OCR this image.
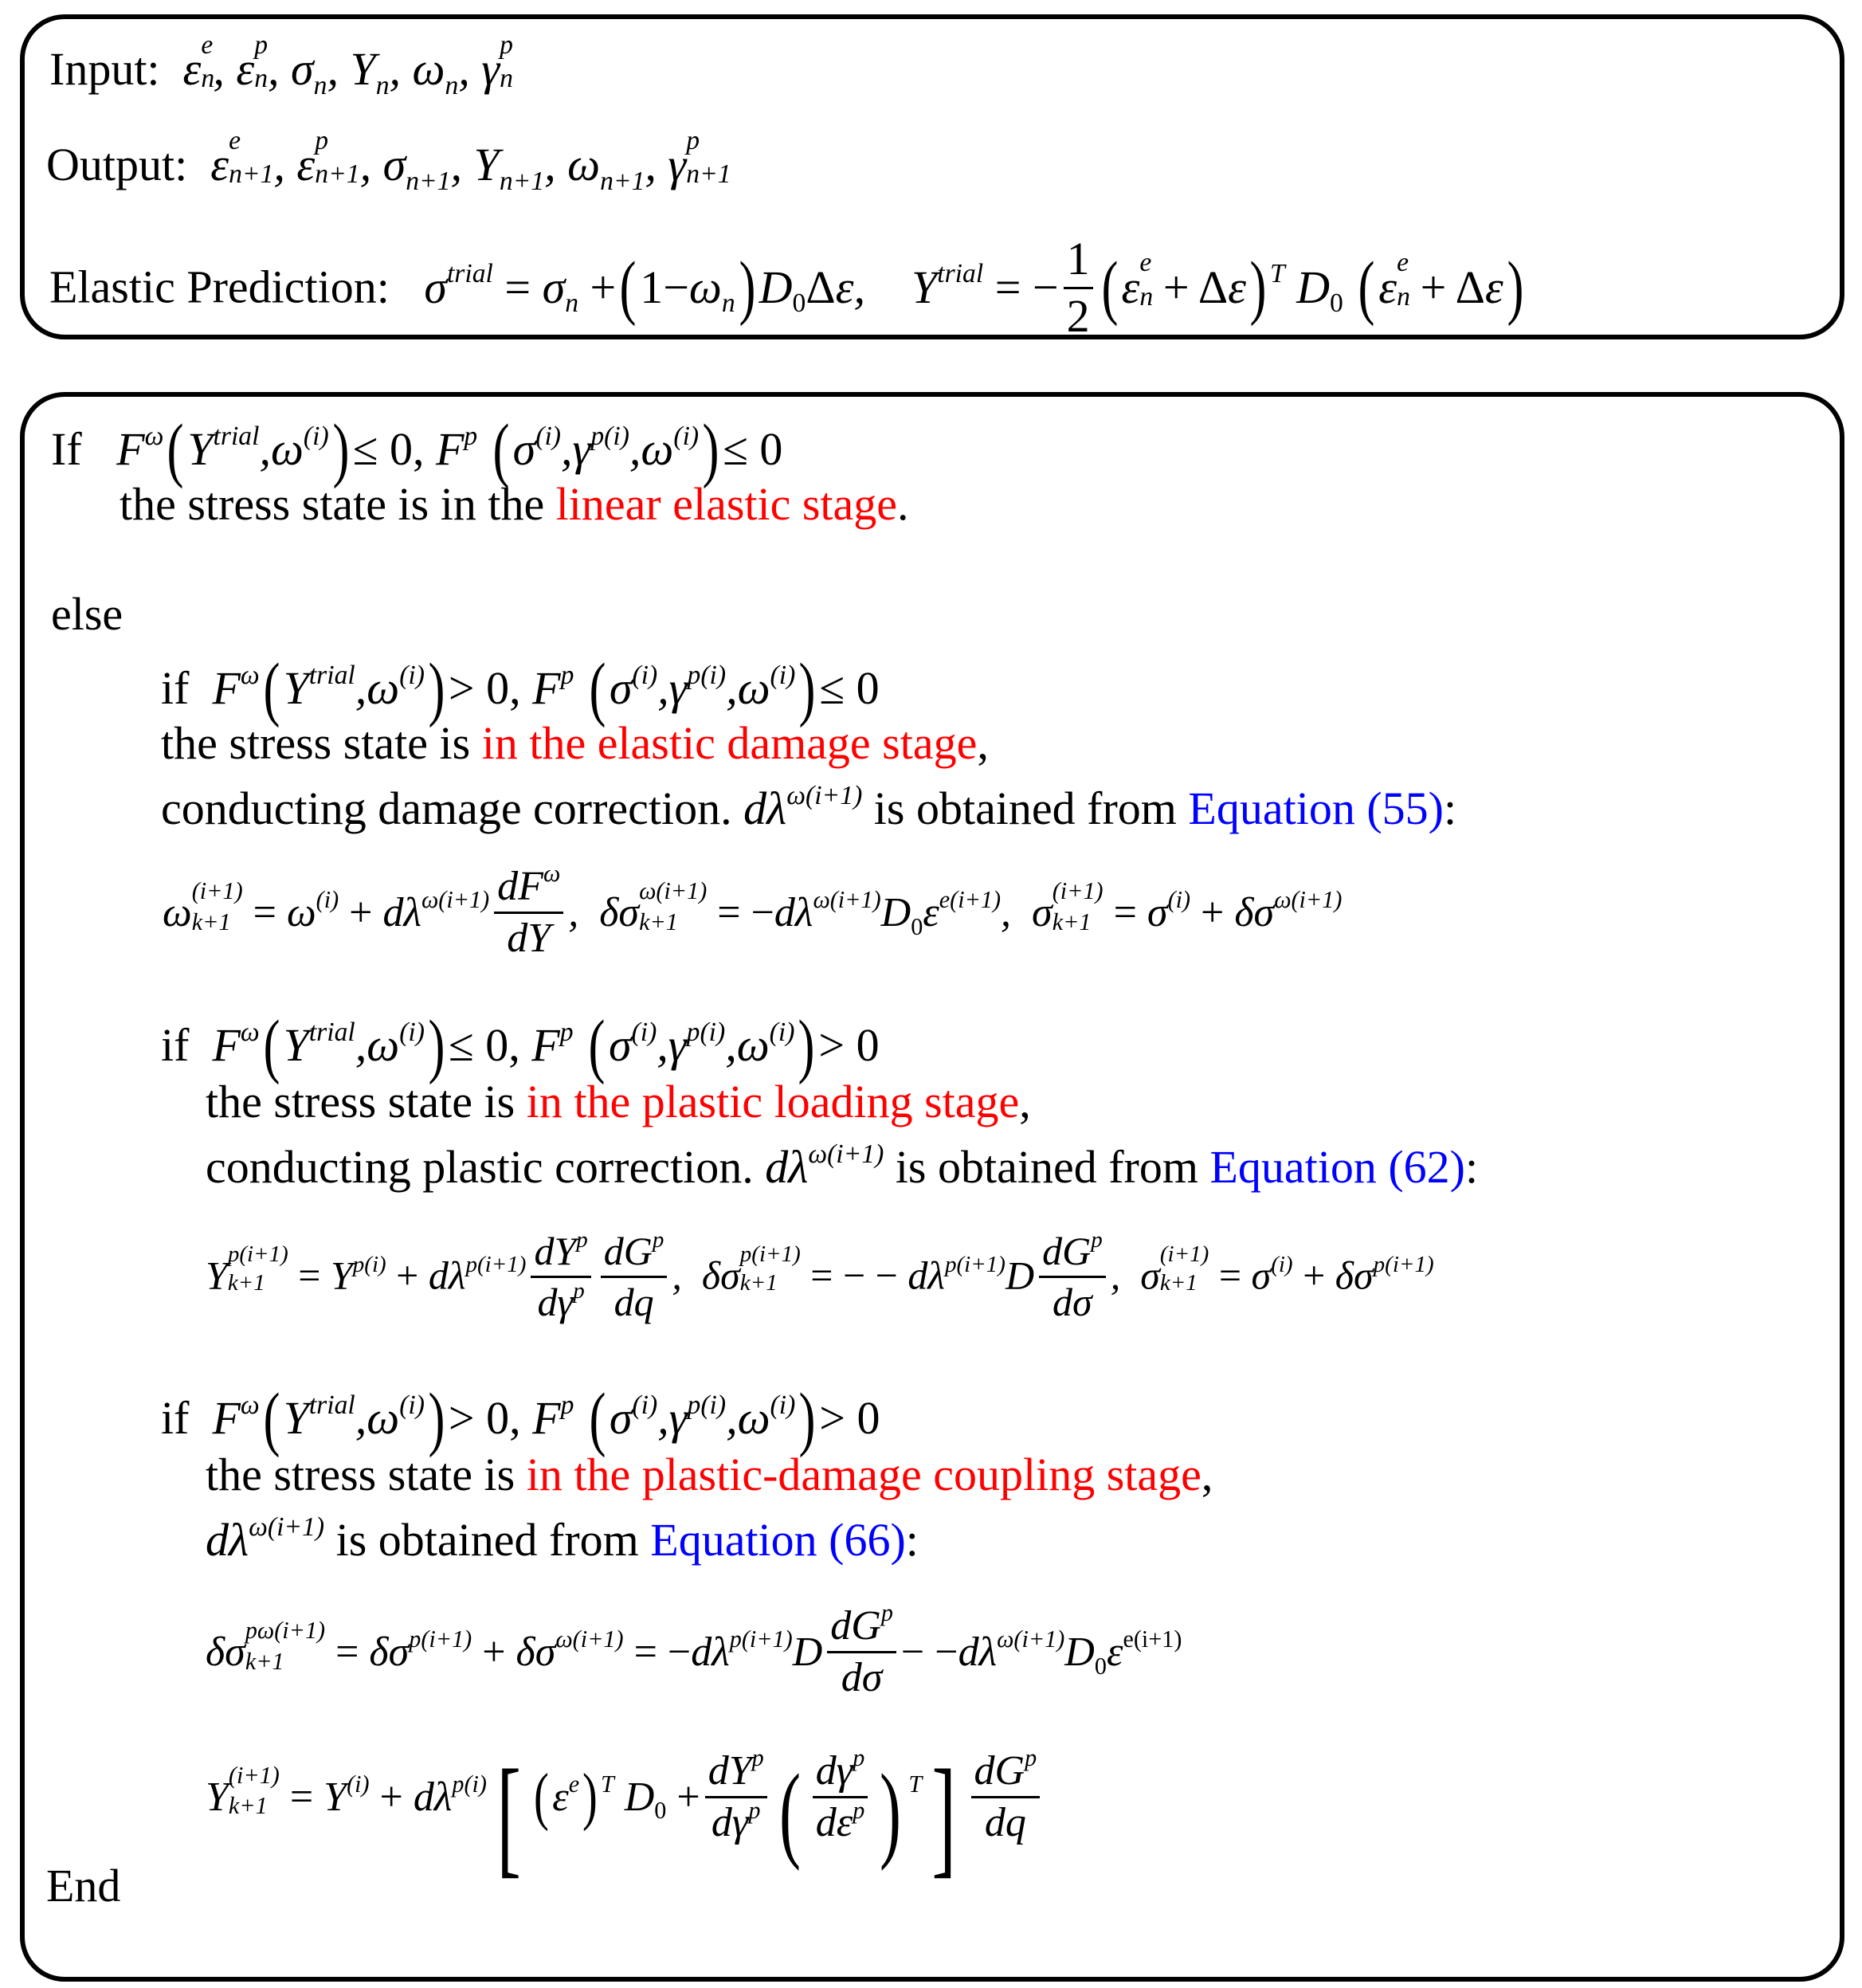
Input: ε e
n
, ε p
n , $\sigma_n$, $Y_n$, $\omega_n$, γ p
n
Output: ε e
n+1 , ε p
n+1 , $\sigma_{n+1}$, $Y_{n+1}$, $\omega_{n+1}$, γ p
n+1
Elastic Prediction: $\sigma^{trial} = \sigma_n +(1-\omega_n)D_0\Delta\varepsilon$, $Y^{trial}$ = − $\frac{1}{2} (\varepsilon$ e
n + Δε) $^T$ $D_0$ (ε e
n + Δε)
If $F^\omega(Y^{trial},\omega^{(i)})\le 0$, $F^p$ $(\sigma^{(i)},\gamma^{p(i)},\omega^{(i)})\le 0$
the stress state is in the linear elastic stage.
else
if $F^\omega(Y^{trial},\omega^{(i)})> 0$, $F^p$ $(\sigma^{(i)},\gamma^{p(i)},\omega^{(i)})\le 0$
the stress state is in the elastic damage stage,
conducting damage correction. $d\lambda^{\omega(i+1)}$ is obtained from Equation (55):
ω (i+1)
$k+1 = \omega^{(i)} + d\lambda^{\omega(i+1)} \frac{dF^\omega}{dY}$ ,  δσ ω(i+1)
$k+1 = -d\lambda^{\omega(i+1)}D_0\varepsilon^{e(i+1)}$,  σ (i+1)
$k+1 = \sigma^{(i)} + \delta\sigma^{\omega(i+1)}$
if $F^\omega(Y^{trial},\omega^{(i)})\le 0$, $F^p$ $(\sigma^{(i)},\gamma^{p(i)},\omega^{(i)})> 0$
the stress state is in the plastic loading stage,
conducting plastic correction. $d\lambda^{\omega(i+1)}$ is obtained from Equation (62):
Y p(i+1)
$k+1 = Y^{p(i)} + d\lambda^{p(i+1)} \frac{dY^p}{d\gamma^p} \frac{dG^p}{dq}$ ,  δσ p(i+1)
k+1 = − − $d\lambda^{p(i+1)}D \frac{dG^p}{d\sigma}$ ,  σ (i+1)
$k+1 = \sigma^{(i)} + \delta\sigma^{p(i+1)}$
if $F^\omega(Y^{trial},\omega^{(i)})> 0$, $F^p$ $(\sigma^{(i)},\gamma^{p(i)},\omega^{(i)})> 0$
the stress state is in the plastic-damage coupling stage,
$d\lambda^{\omega(i+1)}$ is obtained from Equation (66):
δσ pω(i+1)
$k+1 = \delta\sigma^{p(i+1)} + \delta\sigma^{\omega(i+1)} = -d\lambda^{p(i+1)}D \frac{dG^p}{d\sigma} - -d\lambda^{\omega(i+1)}D_0\varepsilon^{e(i+1)}$
Y (i+1)
$k+1 = Y^{(i)} + d\lambda^{p(i)}$[ $(\varepsilon^e)$ $^T$ $D_0 + \frac{dY^p}{d\gamma^p}$ ( $\frac{d\gamma^p}{d\varepsilon^p}$ ) $^T] \frac{dG^p}{dq}$
End
